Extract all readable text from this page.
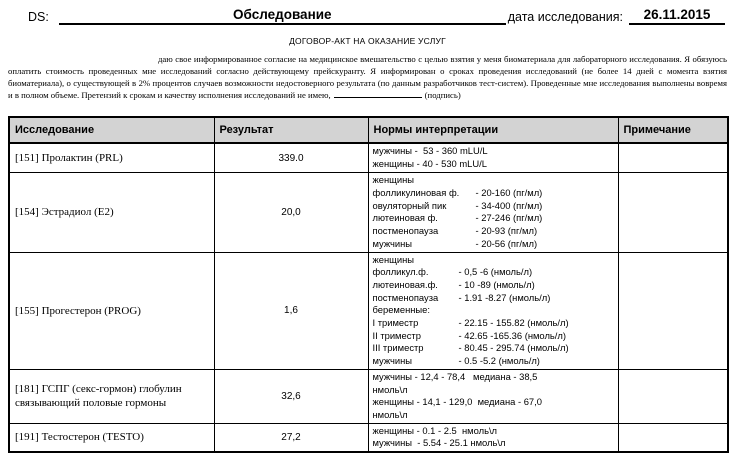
DS:	Обследование	дата исследования:	26.11.2015
ДОГОВОР-АКТ НА ОКАЗАНИЕ УСЛУГ

даю свое информированное согласие на медицинское вмешательство с целью взятия у меня биоматериала для лабораторного исследования. Я обязуюсь оплатить стоимость проведенных мне исследований согласно действующему прейскуранту. Я информирован о сроках проведения исследований (не более 14 дней с момента взятия биоматериала), о существующей в 2% процентов случаев возможности недостоверного результата (по данным разработчиков тест-систем). Проведенные мне исследования выполнены вовремя и в полном объеме. Претензий к срокам и качеству исполнения исследований не имею,	(подпись)

Исследование	Результат	Нормы интерпретации	Примечание
[151] Пролактин (PRL)	339.0	мужчины -  53 - 360 mLU/L
женщины - 40 - 530 mLU/L	

[154] Эстрадиол (E2)	20,0	
женщины
фолликулиновая ф. - 20-160 (пг/мл)
овуляторный пик	- 34-400 (пг/мл)
лютеиновая ф.	- 27-246 (пг/мл)
постменопауза	- 20-93 (пг/мл)
мужчины	- 20-56 (пг/мл)

[155] Прогестерон (PROG)	1,6	
женщины
фолликул.ф.	- 0,5 -6 (нмоль/л)
лютеиновая.ф. - 10 -89 (нмоль/л)
постменопауза - 1.91 -8.27 (нмоль/л)
беременные:
I триместр	- 22.15 - 155.82 (нмоль/л)
II триместр	- 42.65 -165.36 (нмоль/л)
III триместр	- 80.45 - 295.74 (нмоль/л)
мужчины	- 0.5 -5.2 (нмоль/л)

[181] ГСПГ (секс-гормон) глобулин связывающий половые гормоны	32,6	мужчины - 12,4 - 78,4   медиана - 38,5
нмоль\л
женщины - 14,1 - 129,0  медиана - 67,0
нмоль\л	

[191] Тестостерон (TESTO)	27,2	женщины - 0.1 - 2.5  нмоль\л
мужчины  - 5.54 - 25.1 нмоль\л	
